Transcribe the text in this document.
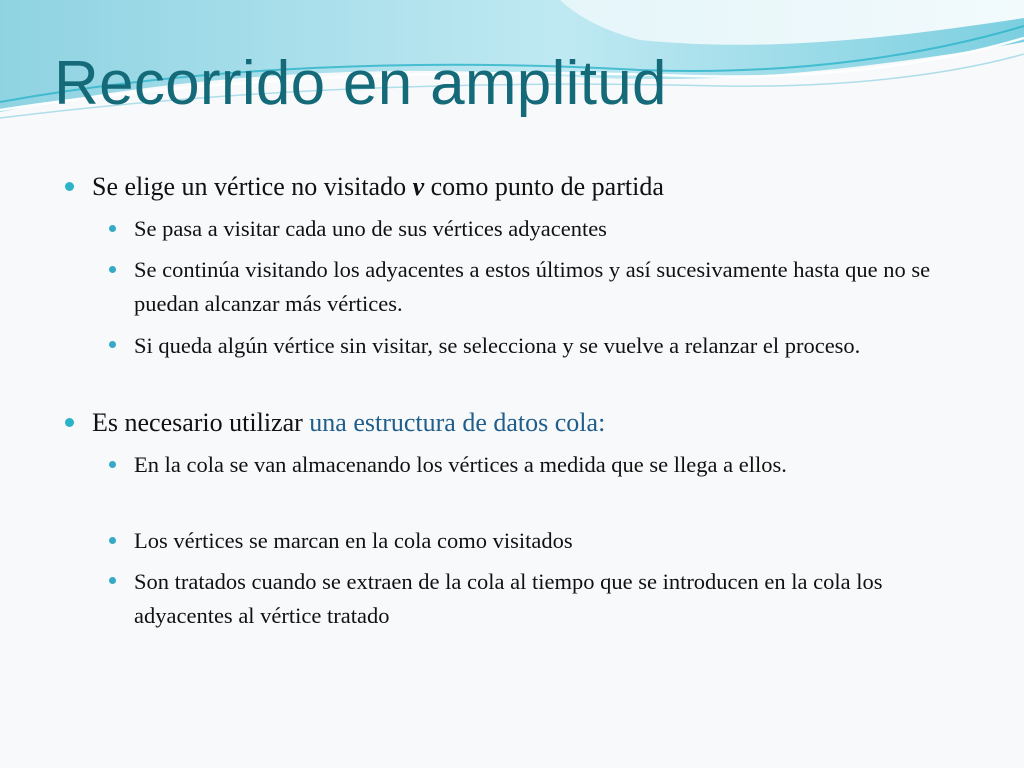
Recorrido en amplitud

Se elige un vértice no visitado v como punto de partida

Se pasa a visitar cada uno de sus vértices adyacentes

Se continúa visitando los adyacentes a estos últimos y así sucesivamente hasta que no se puedan alcanzar más vértices.

Si queda algún vértice sin visitar, se selecciona y se vuelve a relanzar el proceso.

Es necesario utilizar una estructura de datos cola:

En la cola se van almacenando los vértices a medida que se llega a ellos.

Los vértices se marcan en la cola como visitados

Son tratados cuando se extraen de la cola al tiempo que se introducen en la cola los adyacentes al vértice tratado
